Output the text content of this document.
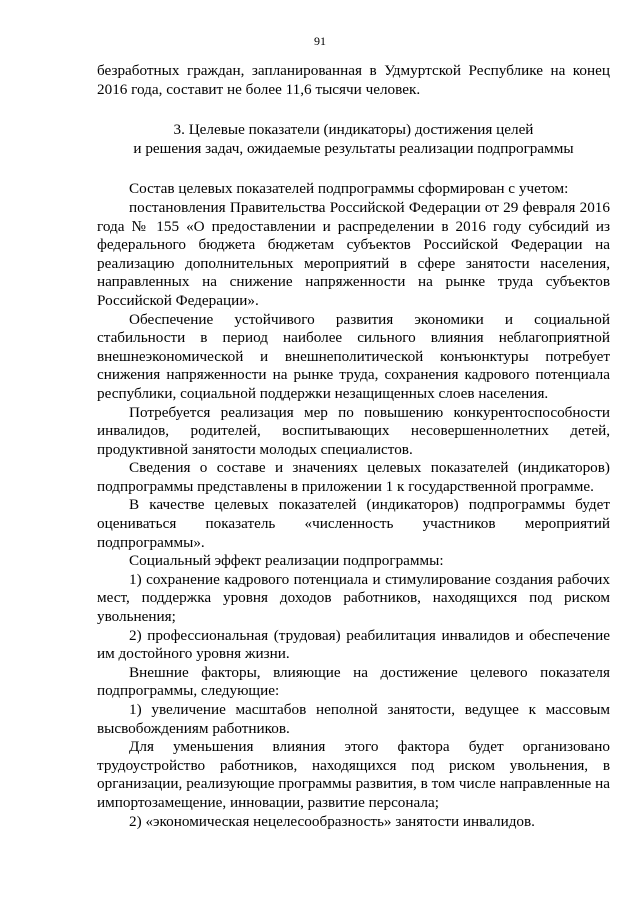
91

безработных граждан, запланированная в Удмуртской Республике на конец 2016 года, составит не более 11,6 тысячи человек.

3. Целевые показатели (индикаторы) достижения целей
и решения задач, ожидаемые результаты реализации подпрограммы

Состав целевых показателей подпрограммы сформирован с учетом:

постановления Правительства Российской Федерации от 29 февраля 2016 года № 155 «О предоставлении и распределении в 2016 году субсидий из федерального бюджета бюджетам субъектов Российской Федерации на реализацию дополнительных мероприятий в сфере занятости населения, направленных на снижение напряженности на рынке труда субъектов Российской Федерации».

Обеспечение устойчивого развития экономики и социальной стабильности в период наиболее сильного влияния неблагоприятной внешнеэкономической и внешнеполитической конъюнктуры потребует снижения напряженности на рынке труда, сохранения кадрового потенциала республики, социальной поддержки незащищенных слоев населения.

Потребуется реализация мер по повышению конкурентоспособности инвалидов, родителей, воспитывающих несовершеннолетних детей, продуктивной занятости молодых специалистов.

Сведения о составе и значениях целевых показателей (индикаторов) подпрограммы представлены в приложении 1 к государственной программе.

В качестве целевых показателей (индикаторов) подпрограммы будет оцениваться показатель «численность участников мероприятий подпрограммы».

Социальный эффект реализации подпрограммы:

1) сохранение кадрового потенциала и стимулирование создания рабочих мест, поддержка уровня доходов работников, находящихся под риском увольнения;

2) профессиональная (трудовая) реабилитация инвалидов и обеспечение им достойного уровня жизни.

Внешние факторы, влияющие на достижение целевого показателя подпрограммы, следующие:

1) увеличение масштабов неполной занятости, ведущее к массовым высвобождениям работников.

Для уменьшения влияния этого фактора будет организовано трудоустройство работников, находящихся под риском увольнения, в организации, реализующие программы развития, в том числе направленные на импортозамещение, инновации, развитие персонала;

2) «экономическая нецелесообразность» занятости инвалидов.
